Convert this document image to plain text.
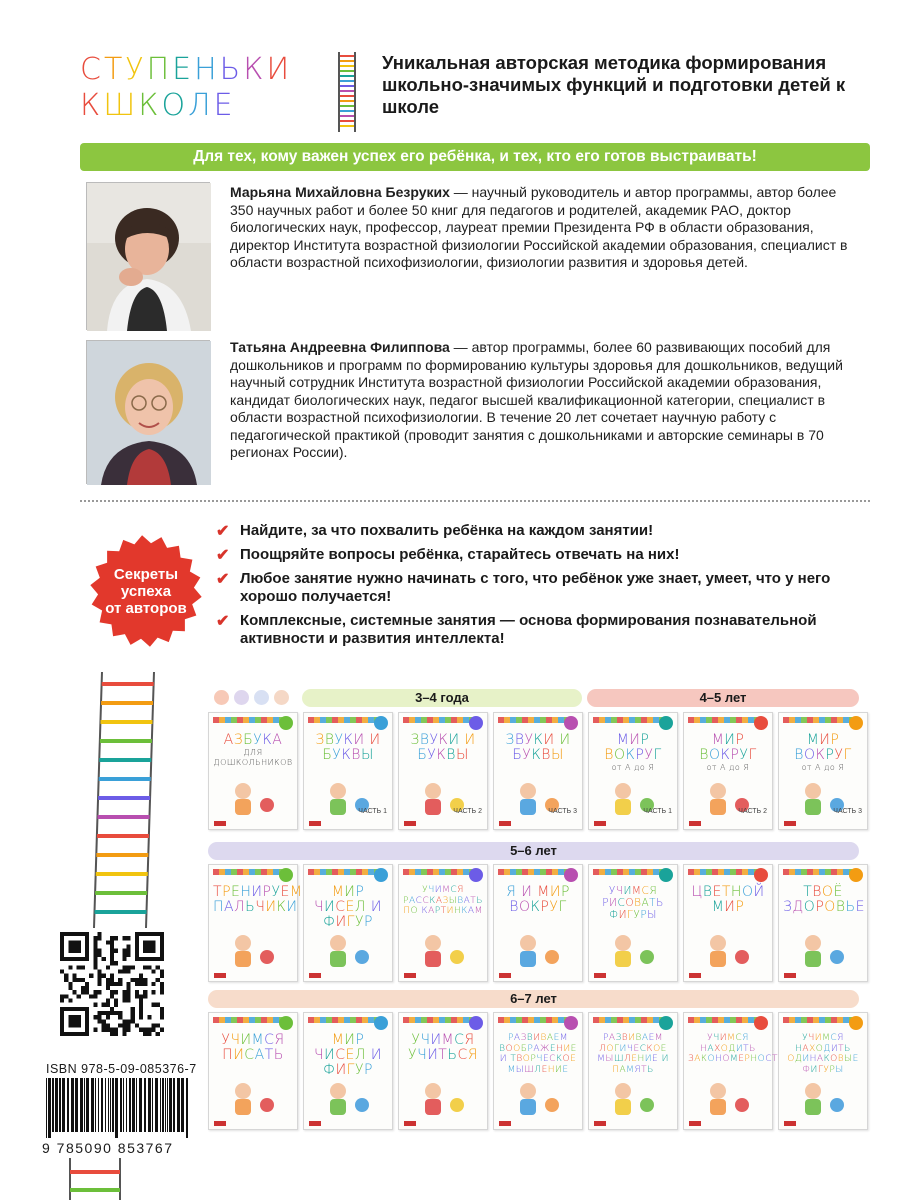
СТУПЕНЬКИ
КШКОЛЕ
Уникальная авторская методика формирования школьно-значимых функций и подготовки детей к школе
Для тех, кому важен успех его ребёнка, и тех, кто его готов выстраивать!
Марьяна Михайловна Безруких — научный руководитель и автор программы, автор более 350 научных работ и более 50 книг для педагогов и родителей, академик РАО, доктор биологических наук, профессор, лауреат премии Президента РФ в области образования, директор Института возрастной физиологии Российской академии образования, специалист в области возрастной психофизиологии, физиологии развития и здоровья детей.
Татьяна Андреевна Филиппова — автор программы, более 60 развивающих пособий для дошкольников и программ по формированию культуры здоровья для дошкольников, ведущий научный сотрудник Института возрастной физиологии Российской академии образования, кандидат биологических наук, педагог высшей квалификационной категории, специалист в области возрастной психофизиологии. В течение 20 лет сочетает научную работу с педагогической практикой (проводит занятия с дошкольниками и авторские семинары в 70 регионах России).
Секреты
успеха
от авторов
✔ Найдите, за что похвалить ребёнка на каждом занятии!
✔ Поощряйте вопросы ребёнка, старайтесь отвечать на них!
✔ Любое занятие нужно начинать с того, что ребёнок уже знает, умеет, что у него хорошо получается!
✔ Комплексные, системные занятия — основа формирования познавательной активности и развития интеллекта!
ISBN 978-5-09-085376-7
9 785090 853767
3–4 года	4–5 лет
5–6 лет
6–7 лет
АЗБУКА
ДЛЯ ДОШКОЛЬНИКОВ
ЗВУКИ И БУКВЫ
ЧАСТЬ 1
ЗВУКИ И БУКВЫ
ЧАСТЬ 2
ЗВУКИ И БУКВЫ
ЧАСТЬ 3
МИР ВОКРУГ
от А до Я
ЧАСТЬ 1
МИР ВОКРУГ
от А до Я
ЧАСТЬ 2
МИР ВОКРУГ
от А до Я
ЧАСТЬ 3
ТРЕНИРУЕМ ПАЛЬЧИКИ
МИР ЧИСЕЛ И ФИГУР
УЧИМСЯ РАССКАЗЫВАТЬ ПО КАРТИНКАМ
Я И МИР ВОКРУГ
УЧИМСЯ РИСОВАТЬ ФИГУРЫ
ЦВЕТНОЙ МИР
ТВОЁ ЗДОРОВЬЕ
УЧИМСЯ ПИСАТЬ
МИР ЧИСЕЛ И ФИГУР
УЧИМСЯ УЧИТЬСЯ
РАЗВИВАЕМ ВООБРАЖЕНИЕ И ТВОРЧЕСКОЕ МЫШЛЕНИЕ
РАЗВИВАЕМ ЛОГИЧЕСКОЕ МЫШЛЕНИЕ И ПАМЯТЬ
УЧИМСЯ НАХОДИТЬ ЗАКОНОМЕРНОСТ
УЧИМСЯ НАХОДИТЬ ОДИНАКОВЫЕ ФИГУРЫ
